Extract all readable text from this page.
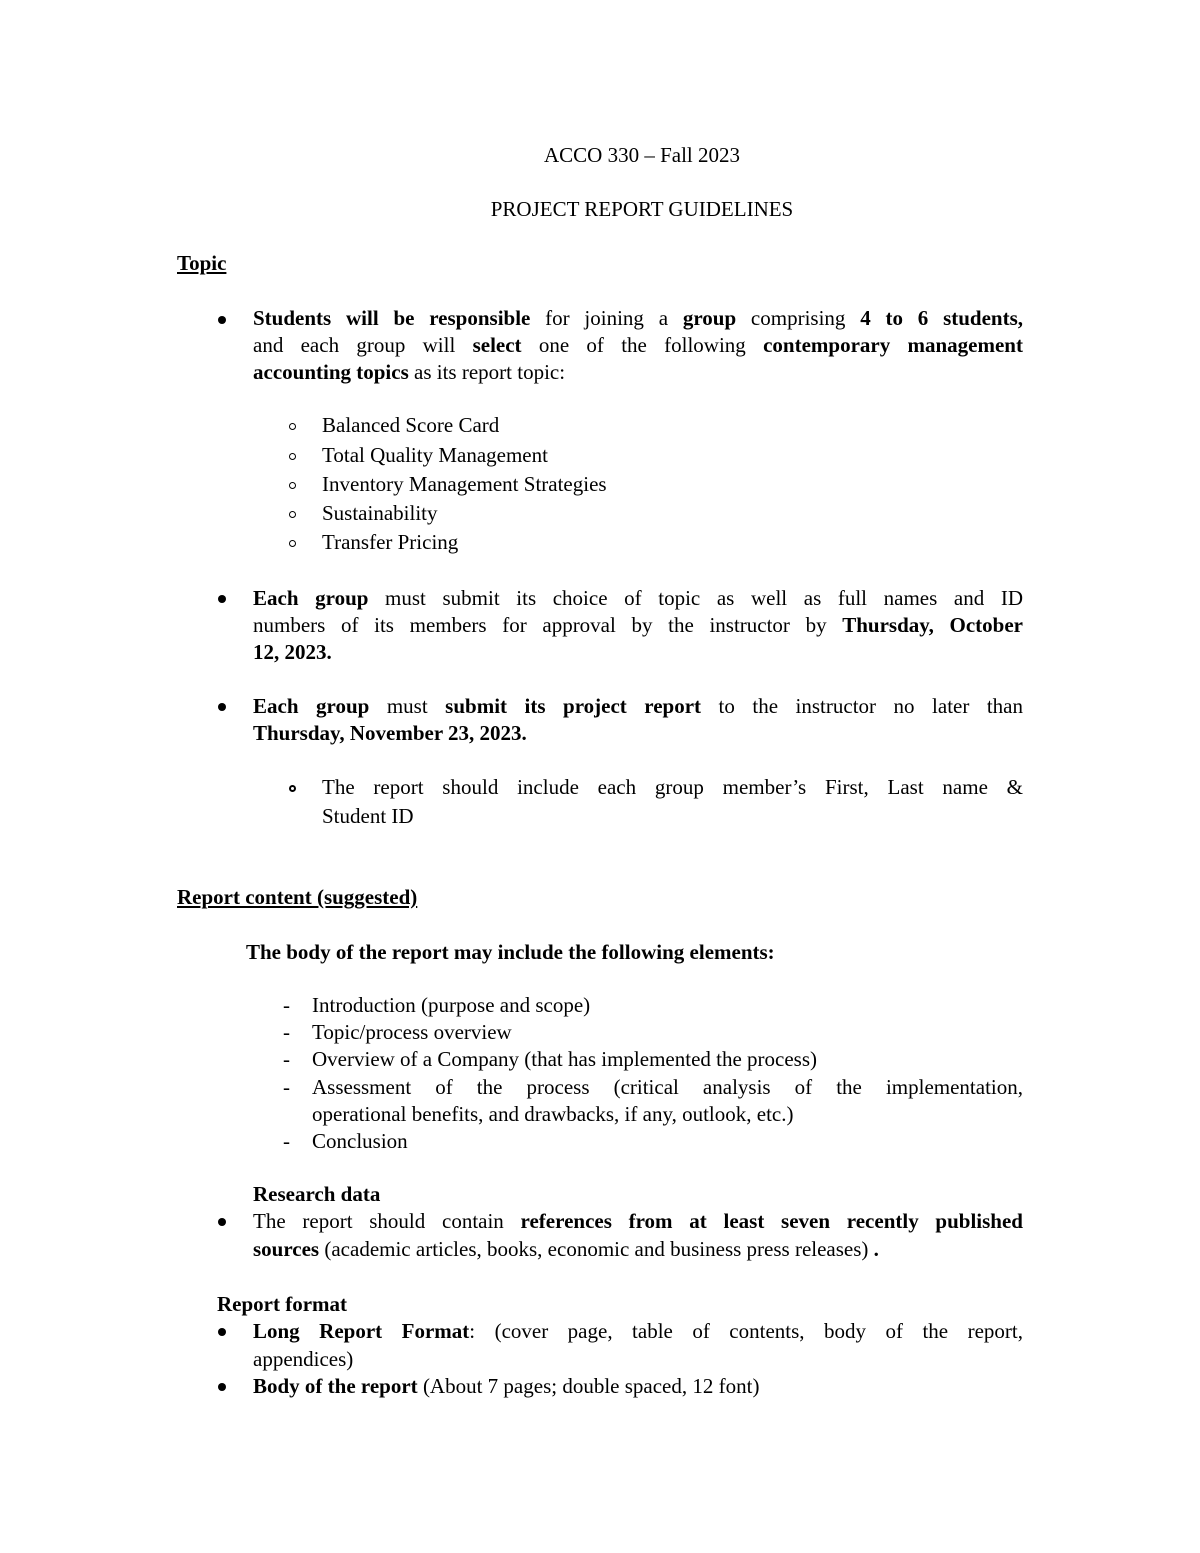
ACCO 330 – Fall 2023
PROJECT REPORT GUIDELINES
Topic
Students will be responsible for joining a group comprising 4 to 6 students,
and each group will select one of the following contemporary management
accounting topics as its report topic:
Balanced Score Card
Total Quality Management
Inventory Management Strategies
Sustainability
Transfer Pricing
Each group must submit its choice of topic as well as full names and ID
numbers of its members for approval by the instructor by Thursday, October
12, 2023.
Each group must submit its project report to the instructor no later than
Thursday, November 23, 2023.
The report should include each group member’s First, Last name &
Student ID
Report content (suggested)
The body of the report may include the following elements:
- Introduction (purpose and scope)
- Topic/process overview
- Overview of a Company (that has implemented the process)
- Assessment of the process (critical analysis of the implementation,
operational benefits, and drawbacks, if any, outlook, etc.)
- Conclusion
Research data
The report should contain references from at least seven recently published
sources (academic articles, books, economic and business press releases) .
Report format
Long Report Format: (cover page, table of contents, body of the report,
appendices)
Body of the report (About 7 pages; double spaced, 12 font)
